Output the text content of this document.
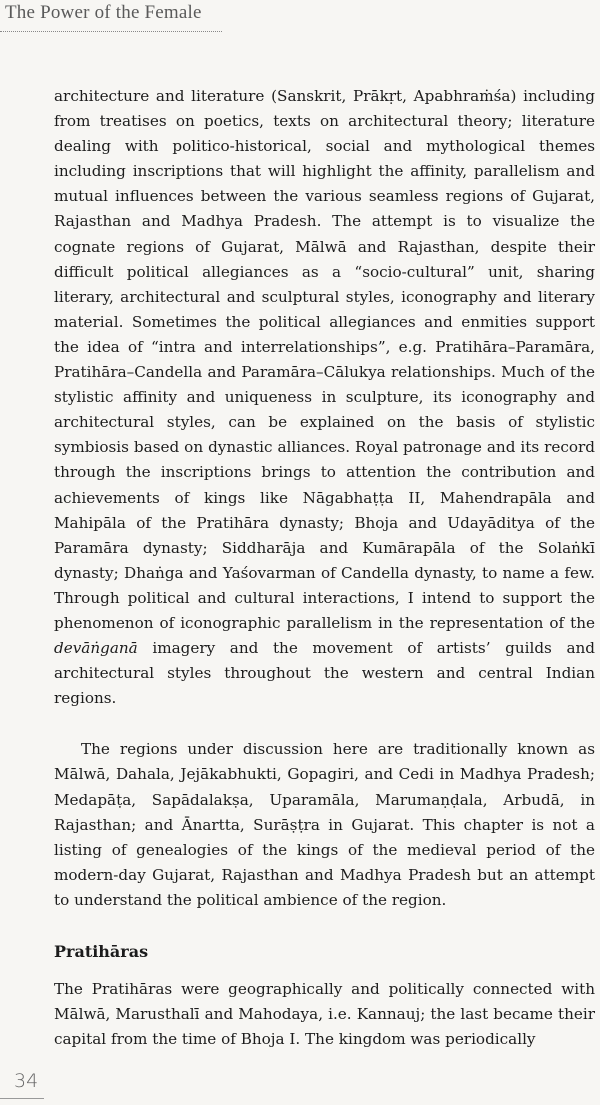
The Power of the Female

architecture and literature (Sanskrit, Prākṛt, Apabhraṁśa) including from treatises on poetics, texts on architectural theory; literature dealing with politico-historical, social and mythological themes including inscriptions that will highlight the affinity, parallelism and mutual influences between the various seamless regions of Gujarat, Rajasthan and Madhya Pradesh. The attempt is to visualize the cognate regions of Gujarat, Mālwā and Rajasthan, despite their difficult political allegiances as a “socio-cultural” unit, sharing literary, architectural and sculptural styles, iconography and literary material. Sometimes the political allegiances and enmities support the idea of “intra and interrelationships”, e.g. Pratihāra–Paramāra, Pratihāra–Candella and Paramāra–Cālukya relationships. Much of the stylistic affinity and uniqueness in sculpture, its iconography and architectural styles, can be explained on the basis of stylistic symbiosis based on dynastic alliances. Royal patronage and its record through the inscriptions brings to attention the contribution and achievements of kings like Nāgabhaṭṭa II, Mahendrapāla and Mahipāla of the Pratihāra dynasty; Bhoja and Udayāditya of the Paramāra dynasty; Siddharāja and Kumārapāla of the Solaṅkī dynasty; Dhaṅga and Yaśovarman of Candella dynasty, to name a few. Through political and cultural interactions, I intend to support the phenomenon of iconographic parallelism in the representation of the devāṅganā imagery and the movement of artists’ guilds and architectural styles throughout the western and central Indian regions.

The regions under discussion here are traditionally known as Mālwā, Dahala, Jejākabhukti, Gopagiri, and Cedi in Madhya Pradesh; Medapāṭa, Sapādalakṣa, Uparamāla, Marumaṇḍala, Arbudā, in Rajasthan; and Ānartta, Surāṣṭra in Gujarat. This chapter is not a listing of genealogies of the kings of the medieval period of the modern-day Gujarat, Rajasthan and Madhya Pradesh but an attempt to understand the political ambience of the region.

Pratihāras

The Pratihāras were geographically and politically connected with Mālwā, Marusthalī and Mahodaya, i.e. Kannauj; the last became their capital from the time of Bhoja I. The kingdom was periodically

34
